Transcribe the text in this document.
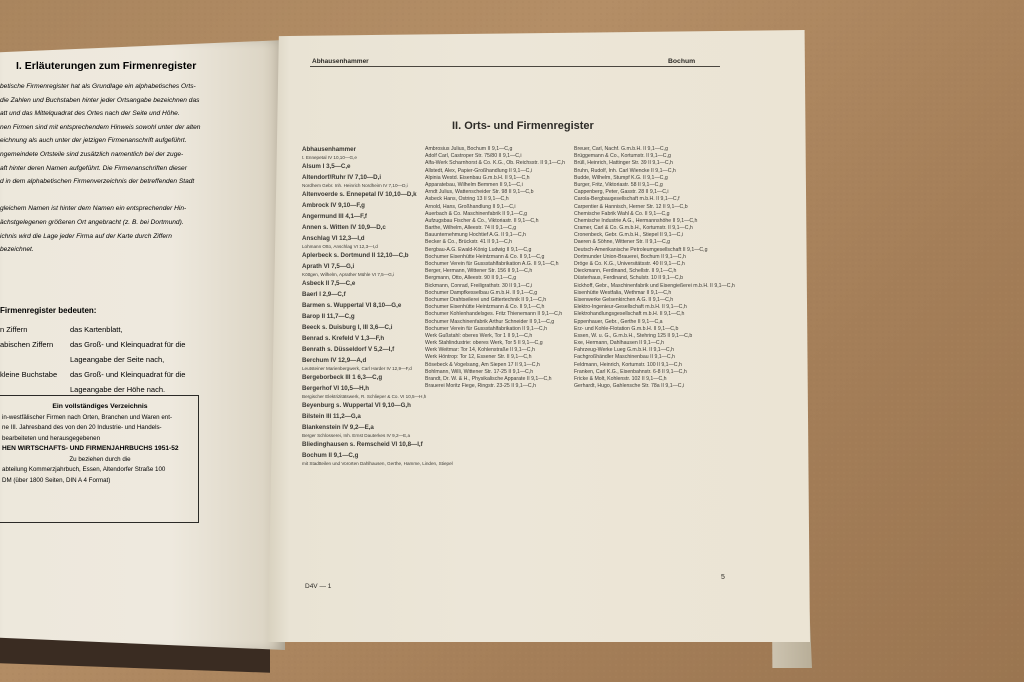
I. Erläuterungen zum Firmenregister
betische Firmenregister hat als Grundlage ein alphabetisches Orts-
die Zahlen und Buchstaben hinter jeder Ortsangabe bezeichnen das
att und das Mittelquadrat des Ortes nach der Seite und Höhe.
nen Firmen sind mit entsprechendem Hinweis sowohl unter der alten
eichnung als auch unter der jetzigen Firmenanschrift aufgeführt.
ngemeindete Ortsteile sind zusätzlich namentlich bei der zuge-
aft hinter deren Namen aufgeführt. Die Firmenanschriften dieser
d in dem alphabetischen Firmenverzeichnis der betreffenden Stadt

gleichem Namen ist hinter dem Namen ein entsprechender Hin-
ächstgelegenen größeren Ort angebracht (z. B. bei Dortmund).
ichnis wird die Lage jeder Firma auf der Karte durch Ziffern
bezeichnet.
Firmenregister bedeuten:
n Ziffern	das Kartenblatt,
abischen Ziffern	das Groß- und Kleinquadrat für die
Lageangabe der Seite nach,
kleine Buchstabe	das Groß- und Kleinquadrat für die
Lageangabe der Höhe nach.
Ein vollständiges Verzeichnis
in-westfälischer Firmen nach Orten, Branchen und Waren ent-
ne III. Jahresband des von den 20 Industrie- und Handels-
bearbeiteten und herausgegebenen
HEN WIRTSCHAFTS- UND FIRMENJAHRBUCHS 1951-52
Zu beziehen durch die
abteilung Kommerzjahrbuch, Essen, Altendorfer Straße 100
DM (über 1800 Seiten, DIN A 4 Format)
Abhausenhammer	Bochum
II. Orts- und Firmenregister
Abhausenhammer
t. Ennepetal IV 10,10—G,e
Alsum I 3,5—C,e
Altendorf/Ruhr IV 7,10—D,i
Nordhem Gebr. Inh. Heinrich Nordheim IV 7,10—D,i
Altenvoerde s. Ennepetal IV 10,10—D,k
Ambrock IV 9,10—F,g
Angermund III 4,1—F,f
Annen s. Witten IV 10,9—D,c
Anschlag VI 12,3—I,d
Lohmann Otto, Anschlag VI 12,3—I,d
Aplerbeck s. Dortmund II 12,10—C,b
Aprath VI 7,5—G,i
Köttgen, Wilhelm, Aprather Mühle VI 7,5—G,i
Asbeck II 7,5—C,e
Baerl I 2,9—C,f
Barmen s. Wuppertal VI 8,10—G,e
Barop II 11,7—C,g
Beeck s. Duisburg I, III 3,6—C,i
Benrad s. Krefeld V 1,3—F,h
Benrath s. Düsseldorf V 5,2—I,f
Berchum IV 12,9—A,d
Leutsteiner Marienbergwerk, Carl Harder IV 12,9—F,d
Bergeborbeck III 1 6,3—C,g
Bergerhof VI 10,5—H,h
Bergischer Elektrizitätswerk, R. Schlieper & Co. VI 10,5—H,h
Beyenburg s. Wuppertal VI 9,10—G,h
Bilstein III 11,2—G,a
Blankenstein IV 9,2—E,a
Berger Schlosserei, Inh. Ernst Dauterkes IV 9,2—E,a
Bliedinghausen s. Remscheid VI 10,8—I,f
Bochum II 9,1—C,g
mit Stadtteilen und Vororten Dahlhausen, Gerthe, Hamme, Linden, Stiepel
Ambrosius Julius, Bochum II 9,1—C,g
Adolf Carl, Castroper Str. 75/80 II 9,1—C,i
Alfa-Werk Scharnhorst & Co. K.G., Ob. Reichsstr. II 9,1—C,h
Allstedt, Alex, Papier-Großhandlung II 9,1—C,i
Alpinia Westd. Eisenbau G.m.b.H. II 9,1—C,h
Apparatebau, Wilhelm Bemmen II 9,1—C,i
Arndt Julius, Wattenscheider Str. 98 II 9,1—C,b
Asbeck Hans, Ostring 13 II 9,1—C,h
Arnold, Hans, Großhandlung II 9,1—C,i
Auerbach & Co. Maschinenfabrik II 9,1—C,g
Aufzugsbau Fischer & Co., Viktoriastr. II 9,1—C,h
Barthe, Wilhelm, Alleestr. 74 II 9,1—C,g
Bauunternehmung Hochtief A.G. II 9,1—C,h
Becker & Co., Brückstr. 41 II 9,1—C,h
Bergbau-A.G. Ewald-König Ludwig II 9,1—C,g
Bochumer Eisenhütte Heintzmann & Co. II 9,1—C,g
Bochumer Verein für Gussstahlfabrikation A.G. II 9,1—C,h
Berger, Hermann, Wittener Str. 156 II 9,1—C,h
Bergmann, Otto, Alleestr. 90 II 9,1—C,g
Bickmann, Conrad, Freiligrathstr. 30 II 9,1—C,i
Bochumer Dampfkesselbau G.m.b.H. II 9,1—C,g
Bochumer Drahtseilerei und Gittertechnik II 9,1—C,h
Bochumer Eisenhütte Heintzmann & Co. II 9,1—C,h
Bochumer Kohlenhandelsges. Fritz Thienemann II 9,1—C,h
Bochumer Maschinenfabrik Arthur Schneider II 9,1—C,g
Bochumer Verein für Gussstahlfabrikation II 9,1—C,h
Werk Gußstahl: oberes Werk, Tor 1 II 9,1—C,h
Werk Stahlindustrie: oberes Werk, Tor 5 II 9,1—C,g
Werk Weitmar: Tor 14, Kohlenstraße II 9,1—C,h
Werk Höntrop: Tor 12, Essener Str. II 9,1—C,h
Bösebeck & Vogelsang, Am Siepen 17 II 9,1—C,h
Bohlmann, Willi, Wittener Str. 17-25 II 9,1—C,h
Brandt, Dr. W. & H., Physikalische Apparate II 9,1—C,h
Brauerei Moritz Fiege, Ringstr. 23-25 II 9,1—C,h
Breuer, Carl, Nachf. G.m.b.H. II 9,1—C,g
Brüggemann & Co., Kortumstr. II 9,1—C,g
Brüll, Heinrich, Hattinger Str. 39 II 9,1—C,h
Bruhn, Rudolf, Inh. Carl Wiencke II 9,1—C,h
Budde, Wilhelm, Stumpf K.G. II 9,1—C,g
Burger, Fritz, Viktoriastr. 58 II 9,1—C,g
Cappenberg, Peter, Gasstr. 28 II 9,1—C,i
Carola-Bergbaugesellschaft m.b.H. II 9,1—C,f
Carpentier & Hannisch, Herner Str. 12 II 9,1—C,b
Chemische Fabrik Wahl & Co. II 9,1—C,g
Chemische Industrie A.G., Hermannshöhe II 9,1—C,h
Cramer, Carl & Co. G.m.b.H., Kortumstr. II 9,1—C,h
Cronenbeck, Gebr. G.m.b.H., Stiepel II 9,1—C,i
Daeren & Söhne, Wittener Str. II 9,1—C,g
Deutsch-Amerikanische Petroleumgesellschaft II 9,1—C,g
Dortmunder Union-Brauerei, Bochum II 9,1—C,h
Dröge & Co. K.G., Universitätsstr. 40 II 9,1—C,h
Dieckmann, Ferdinand, Schellstr. II 9,1—C,h
Düsterhaus, Ferdinand, Schulstr. 10 II 9,1—C,b
Eickhoff, Gebr., Maschinenfabrik und Eisengießerei m.b.H. II 9,1—C,h
Eisenhütte Westfalia, Wethmar II 9,1—C,h
Eisenwerke Gelsenkirchen A.G. II 9,1—C,h
Elektro-Ingenieur-Gesellschaft m.b.H. II 9,1—C,h
Elektrohandlungsgesellschaft m.b.H. II 9,1—C,h
Eppenhauer, Gebr., Gerthe II 9,1—C,a
Erz- und Kohle-Flotation G.m.b.H. II 9,1—C,b
Essen, W. u. G., G.m.b.H., Stehring 125 II 9,1—C,b
Exe, Hermann, Dahlhausen II 9,1—C,h
Fahrzeug-Werke Lueg G.m.b.H. II 9,1—C,h
Fachgroßhändler Maschinenbau II 9,1—C,h
Feldmann, Heinrich, Kortumstr. 100 II 9,1—C,h
Franken, Carl K.G., Eisenbahnstr. 6-8 II 9,1—C,h
Fricke & Molt, Kohlenstr. 102 II 9,1—C,h
Gerhardt, Hugo, Gahlensche Str. 78a II 9,1—C,i
D4V — 1
5
